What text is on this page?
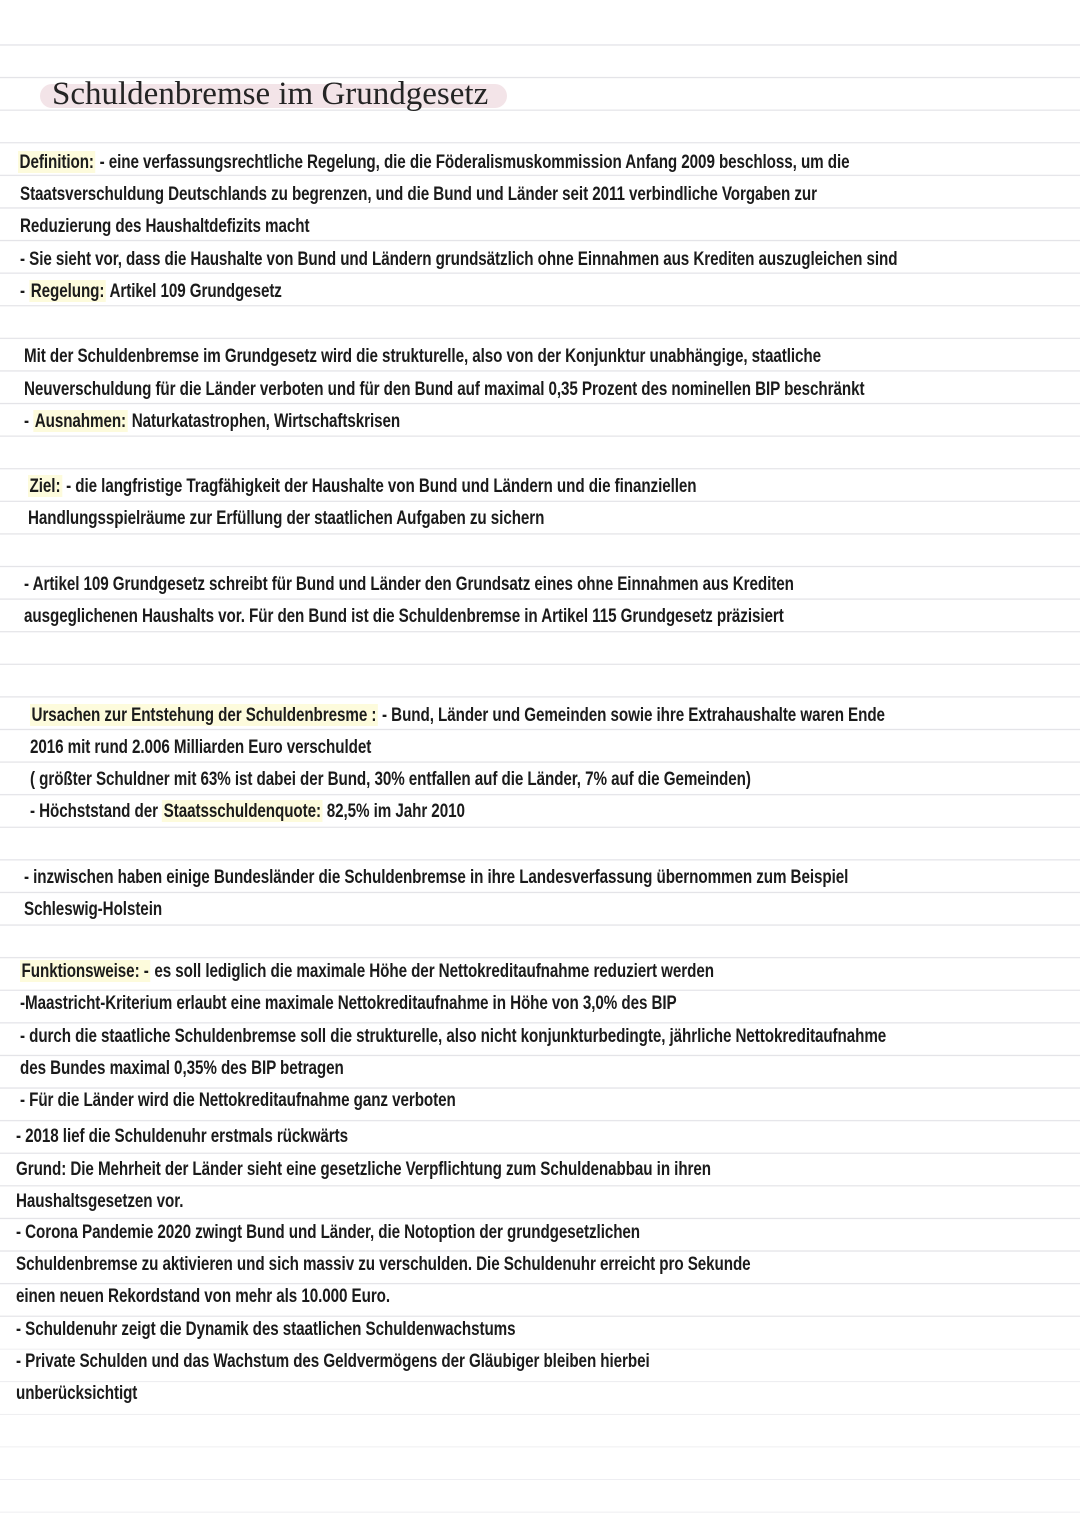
Schuldenbremse im Grundgesetz

Definition: - eine verfassungsrechtliche Regelung, die die Föderalismuskommission Anfang 2009 beschloss, um die

Staatsverschuldung Deutschlands zu begrenzen, und die Bund und Länder seit 2011 verbindliche Vorgaben zur

Reduzierung des Haushaltdefizits macht

- Sie sieht vor, dass die Haushalte von Bund und Ländern grundsätzlich ohne Einnahmen aus Krediten auszugleichen sind

- Regelung: Artikel 109 Grundgesetz

Mit der Schuldenbremse im Grundgesetz wird die strukturelle, also von der Konjunktur unabhängige, staatliche

Neuverschuldung für die Länder verboten und für den Bund auf maximal 0,35 Prozent des nominellen BIP beschränkt

- Ausnahmen: Naturkatastrophen, Wirtschaftskrisen

Ziel: - die langfristige Tragfähigkeit der Haushalte von Bund und Ländern und die finanziellen

Handlungsspielräume zur Erfüllung der staatlichen Aufgaben zu sichern

- Artikel 109 Grundgesetz schreibt für Bund und Länder den Grundsatz eines ohne Einnahmen aus Krediten

ausgeglichenen Haushalts vor. Für den Bund ist die Schuldenbremse in Artikel 115 Grundgesetz präzisiert

Ursachen zur Entstehung der Schuldenbresme : - Bund, Länder und Gemeinden sowie ihre Extrahaushalte waren Ende

2016 mit rund 2.006 Milliarden Euro verschuldet

( größter Schuldner mit 63% ist dabei der Bund, 30% entfallen auf die Länder, 7% auf die Gemeinden)

- Höchststand der Staatsschuldenquote: 82,5% im Jahr 2010

- inzwischen haben einige Bundesländer die Schuldenbremse in ihre Landesverfassung übernommen zum Beispiel

Schleswig-Holstein

Funktionsweise: - es soll lediglich die maximale Höhe der Nettokreditaufnahme reduziert werden

-Maastricht-Kriterium erlaubt eine maximale Nettokreditaufnahme in Höhe von 3,0% des BIP

- durch die staatliche Schuldenbremse soll die strukturelle, also nicht konjunkturbedingte, jährliche Nettokreditaufnahme

des Bundes maximal 0,35% des BIP betragen

- Für die Länder wird die Nettokreditaufnahme ganz verboten

- 2018 lief die Schuldenuhr erstmals rückwärts

Grund: Die Mehrheit der Länder sieht eine gesetzliche Verpflichtung zum Schuldenabbau in ihren

Haushaltsgesetzen vor.

- Corona Pandemie 2020 zwingt Bund und Länder, die Notoption der grundgesetzlichen

Schuldenbremse zu aktivieren und sich massiv zu verschulden. Die Schuldenuhr erreicht pro Sekunde

einen neuen Rekordstand von mehr als 10.000 Euro.

- Schuldenuhr zeigt die Dynamik des staatlichen Schuldenwachstums

- Private Schulden und das Wachstum des Geldvermögens der Gläubiger bleiben hierbei

unberücksichtigt
